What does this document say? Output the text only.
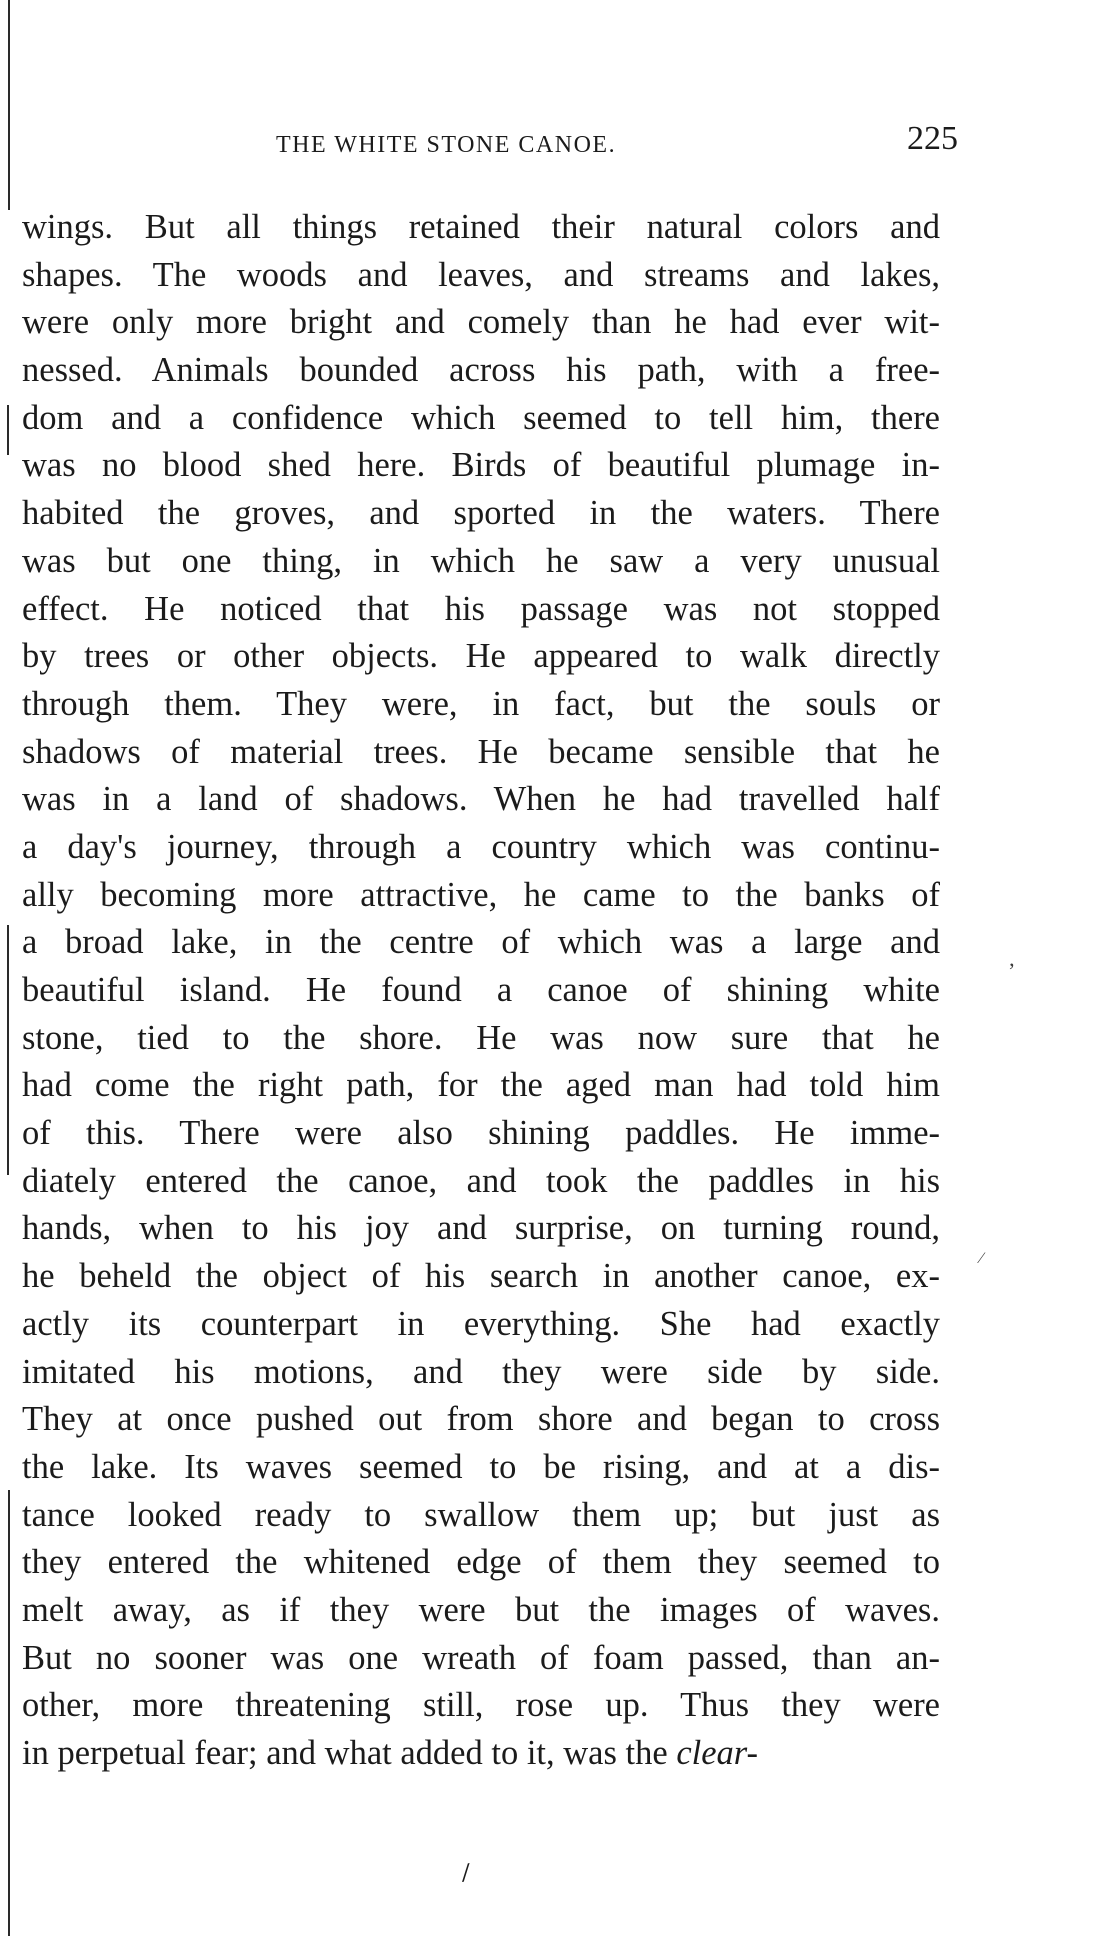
THE WHITE STONE CANOE.	225
wings. But all things retained their natural colors and
shapes. The woods and leaves, and streams and lakes,
were only more bright and comely than he had ever wit-
nessed. Animals bounded across his path, with a free-
dom and a confidence which seemed to tell him, there
was no blood shed here. Birds of beautiful plumage in-
habited the groves, and sported in the waters. There
was but one thing, in which he saw a very unusual
effect. He noticed that his passage was not stopped
by trees or other objects. He appeared to walk directly
through them. They were, in fact, but the souls or
shadows of material trees. He became sensible that he
was in a land of shadows. When he had travelled half
a day's journey, through a country which was continu-
ally becoming more attractive, he came to the banks of
a broad lake, in the centre of which was a large and
beautiful island. He found a canoe of shining white
stone, tied to the shore. He was now sure that he
had come the right path, for the aged man had told him
of this. There were also shining paddles. He imme-
diately entered the canoe, and took the paddles in his
hands, when to his joy and surprise, on turning round,
he beheld the object of his search in another canoe, ex-
actly its counterpart in everything. She had exactly
imitated his motions, and they were side by side.
They at once pushed out from shore and began to cross
the lake. Its waves seemed to be rising, and at a dis-
tance looked ready to swallow them up; but just as
they entered the whitened edge of them they seemed to
melt away, as if they were but the images of waves.
But no sooner was one wreath of foam passed, than an-
other, more threatening still, rose up. Thus they were
in perpetual fear; and what added to it, was the clear-
’
∕
/
